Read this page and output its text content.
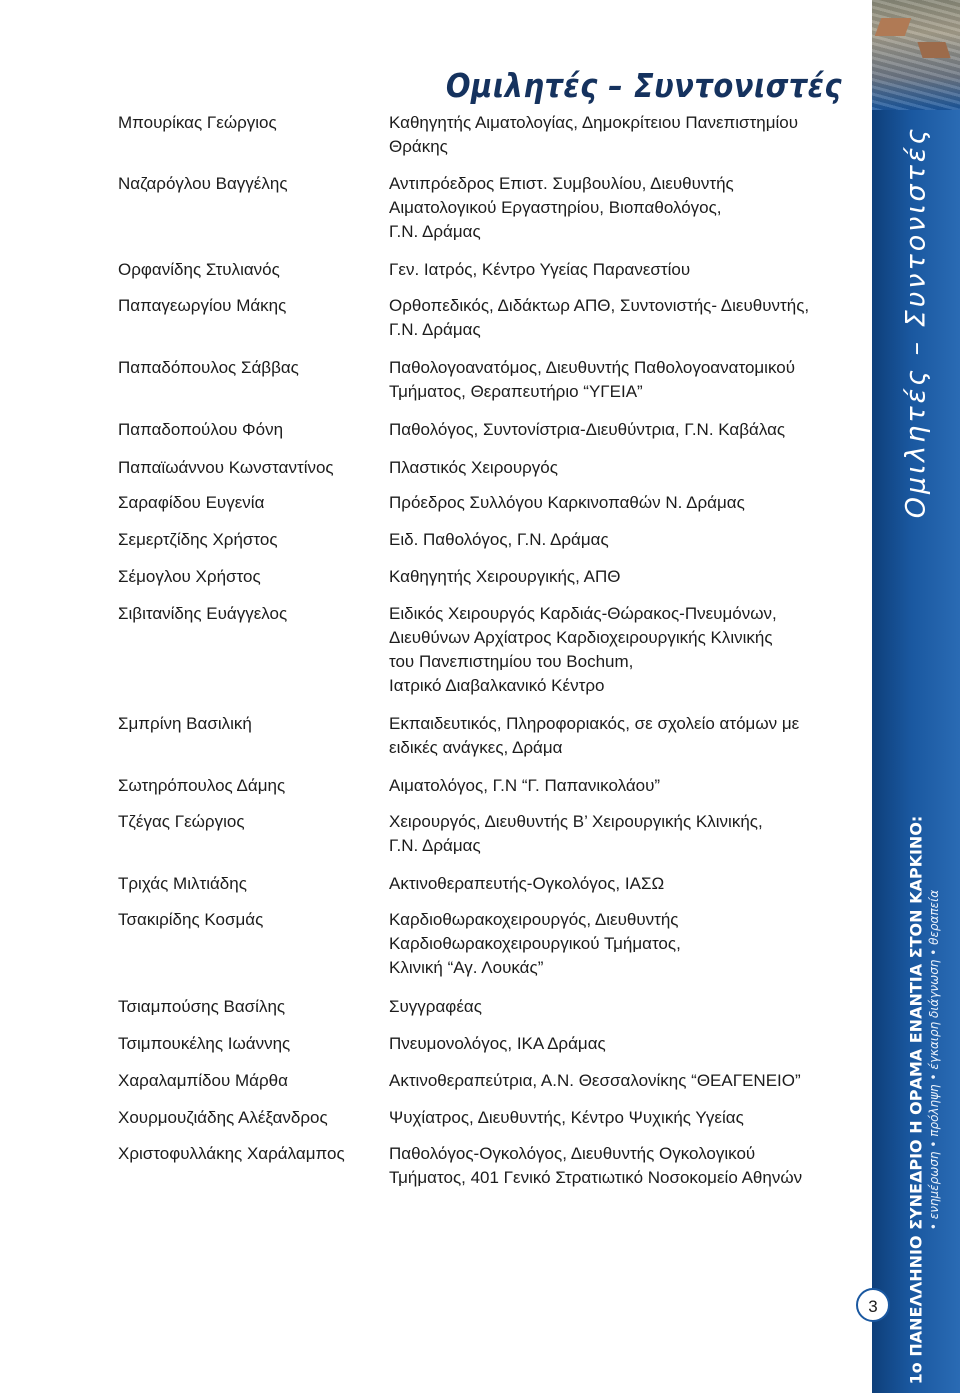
Ομιλητές – Συντονιστές
Μπουρίκας Γεώργιος	Καθηγητής Αιματολογίας, Δημοκρίτειου Πανεπιστημίου
Θράκης
Ναζαρόγλου Βαγγέλης	Αντιπρόεδρος Επιστ. Συμβουλίου, Διευθυντής
Αιματολογικού Εργαστηρίου, Βιοπαθολόγος,
Γ.Ν. Δράμας
Ορφανίδης Στυλιανός	Γεν. Ιατρός, Κέντρο Υγείας Παρανεστίου
Παπαγεωργίου Μάκης	Ορθοπεδικός, Διδάκτωρ ΑΠΘ, Συντονιστής- Διευθυντής,
Γ.Ν. Δράμας
Παπαδόπουλος Σάββας	Παθολογοανατόμος, Διευθυντής Παθολογοανατομικού
Τμήματος, Θεραπευτήριο “ΥΓΕΙΑ”
Παπαδοπούλου Φόνη	Παθολόγος, Συντονίστρια-Διευθύντρια, Γ.Ν. Καβάλας
Παπαϊωάννου Κωνσταντίνος	Πλαστικός Χειρουργός
Σαραφίδου Ευγενία	Πρόεδρος Συλλόγου Καρκινοπαθών Ν. Δράμας
Σεμερτζίδης Χρήστος	Ειδ. Παθολόγος, Γ.Ν. Δράμας
Σέμογλου Χρήστος	Καθηγητής Χειρουργικής, ΑΠΘ
Σιβιτανίδης Ευάγγελος	Ειδικός Χειρουργός Καρδιάς-Θώρακος-Πνευμόνων,
Διευθύνων Αρχίατρος Καρδιοχειρουργικής Κλινικής
του Πανεπιστημίου του Bochum,
Ιατρικό Διαβαλκανικό Κέντρο
Σμπρίνη Βασιλική	Εκπαιδευτικός, Πληροφοριακός, σε σχολείο ατόμων με
ειδικές ανάγκες, Δράμα
Σωτηρόπουλος Δάμης	Αιματολόγος, Γ.Ν “Γ. Παπανικολάου”
Τζέγας Γεώργιος	Χειρουργός, Διευθυντής Β’ Χειρουργικής Κλινικής,
Γ.Ν. Δράμας
Τριχάς Μιλτιάδης	Ακτινοθεραπευτής-Ογκολόγος, ΙΑΣΩ
Τσακιρίδης Κοσμάς	Καρδιοθωρακοχειρουργός, Διευθυντής
Καρδιοθωρακοχειρουργικού Τμήματος,
Κλινική “Αγ. Λουκάς”
Τσιαμπούσης Βασίλης	Συγγραφέας
Τσιμπουκέλης Ιωάννης	Πνευμονολόγος, ΙΚΑ Δράμας
Χαραλαμπίδου Μάρθα	Ακτινοθεραπεύτρια, Α.Ν. Θεσσαλονίκης “ΘΕΑΓΕΝΕΙΟ”
Χουρμουζιάδης Αλέξανδρος	Ψυχίατρος, Διευθυντής, Κέντρο Ψυχικής Υγείας
Χριστοφυλλάκης Χαράλαμπος	Παθολόγος-Ογκολόγος, Διευθυντής Ογκολογικού
Τμήματος, 401 Γενικό Στρατιωτικό Νοσοκομείο Αθηνών
Ομιλητές – Συντονιστές
1ο ΠΑΝΕΛΛΗΝΙΟ ΣΥΝΕΔΡΙΟ Η ΟΡΑΜΑ ΕΝΑΝΤΙΑ ΣΤΟΝ ΚΑΡΚΙΝΟ: • ενημέρωση • πρόληψη • έγκαιρη διάγνωση • θεραπεία
3
